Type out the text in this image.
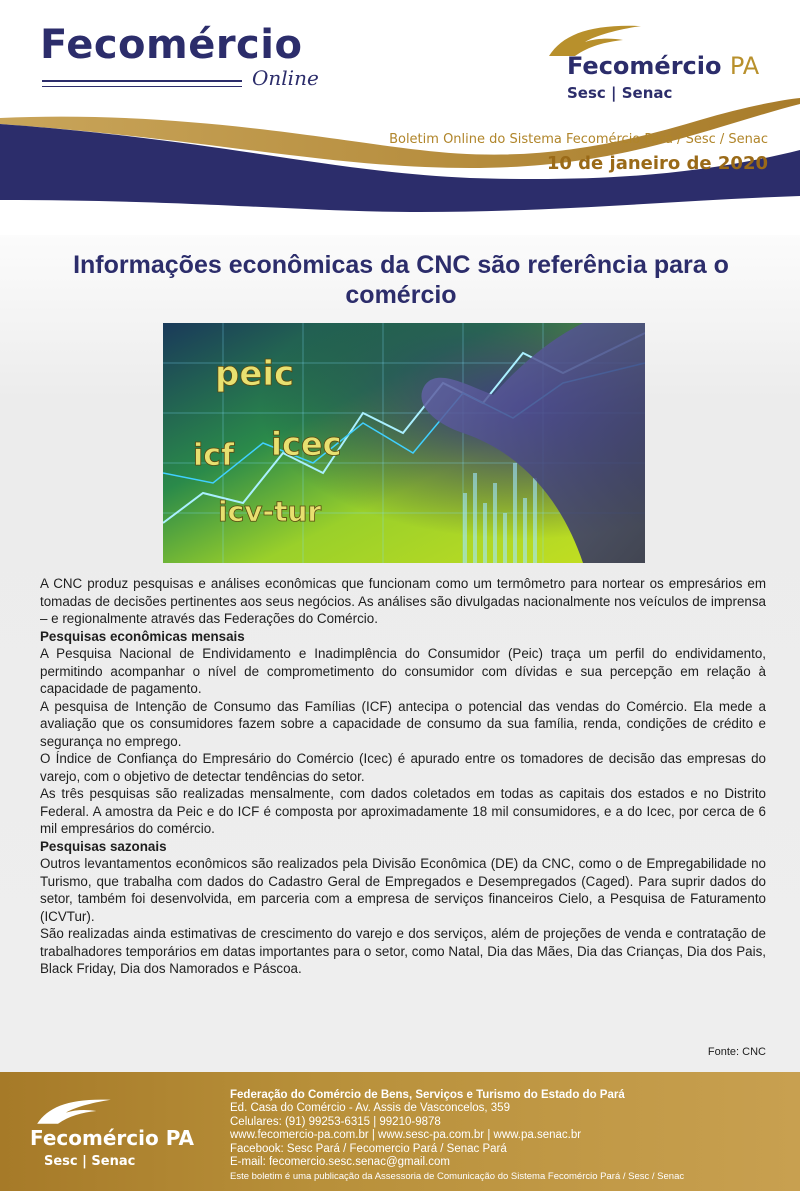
Fecomércio
Online	Fecomércio PA
Sesc | Senac
Boletim Online do Sistema Fecomércio Pará / Sesc / Senac
10 de janeiro de 2020
Informações econômicas da CNC são referência para o comércio
peic
icf icec
icv-tur

A CNC produz pesquisas e análises econômicas que funcionam como um termômetro para nortear os empresários em tomadas de decisões pertinentes aos seus negócios. As análises são divulgadas nacionalmente nos veículos de imprensa – e regionalmente através das Federações do Comércio.

Pesquisas econômicas mensais

A Pesquisa Nacional de Endividamento e Inadimplência do Consumidor (Peic) traça um perfil do endividamento, permitindo acompanhar o nível de comprometimento do consumidor com dívidas e sua percepção em relação à capacidade de pagamento.

A pesquisa de Intenção de Consumo das Famílias (ICF) antecipa o potencial das vendas do Comércio. Ela mede a avaliação que os consumidores fazem sobre a capacidade de consumo da sua família, renda, condições de crédito e segurança no emprego.

O Índice de Confiança do Empresário do Comércio (Icec) é apurado entre os tomadores de decisão das empresas do varejo, com o objetivo de detectar tendências do setor.

As três pesquisas são realizadas mensalmente, com dados coletados em todas as capitais dos estados e no Distrito Federal. A amostra da Peic e do ICF é composta por aproximadamente 18 mil consumidores, e a do Icec, por cerca de 6 mil empresários do comércio.

Pesquisas sazonais

Outros levantamentos econômicos são realizados pela Divisão Econômica (DE) da CNC, como o de Empregabilidade no Turismo, que trabalha com dados do Cadastro Geral de Empregados e Desempregados (Caged). Para suprir dados do setor, também foi desenvolvida, em parceria com a empresa de serviços financeiros Cielo, a Pesquisa de Faturamento (ICVTur).

São realizadas ainda estimativas de crescimento do varejo e dos serviços, além de projeções de venda e contratação de trabalhadores temporários em datas importantes para o setor, como Natal, Dia das Mães, Dia das Crianças, Dia dos Pais, Black Friday, Dia dos Namorados e Páscoa.

Fonte: CNC
Fecomércio PA
Sesc | Senac
Federação do Comércio de Bens, Serviços e Turismo do Estado do Pará
Ed. Casa do Comércio - Av. Assis de Vasconcelos, 359
Celulares: (91) 99253-6315 | 99210-9878
www.fecomercio-pa.com.br | www.sesc-pa.com.br | www.pa.senac.br
Facebook: Sesc Pará / Fecomercio Pará / Senac Pará
E-mail: fecomercio.sesc.senac@gmail.com
Este boletim é uma publicação da Assessoria de Comunicação do Sistema Fecomércio Pará / Sesc / Senac
